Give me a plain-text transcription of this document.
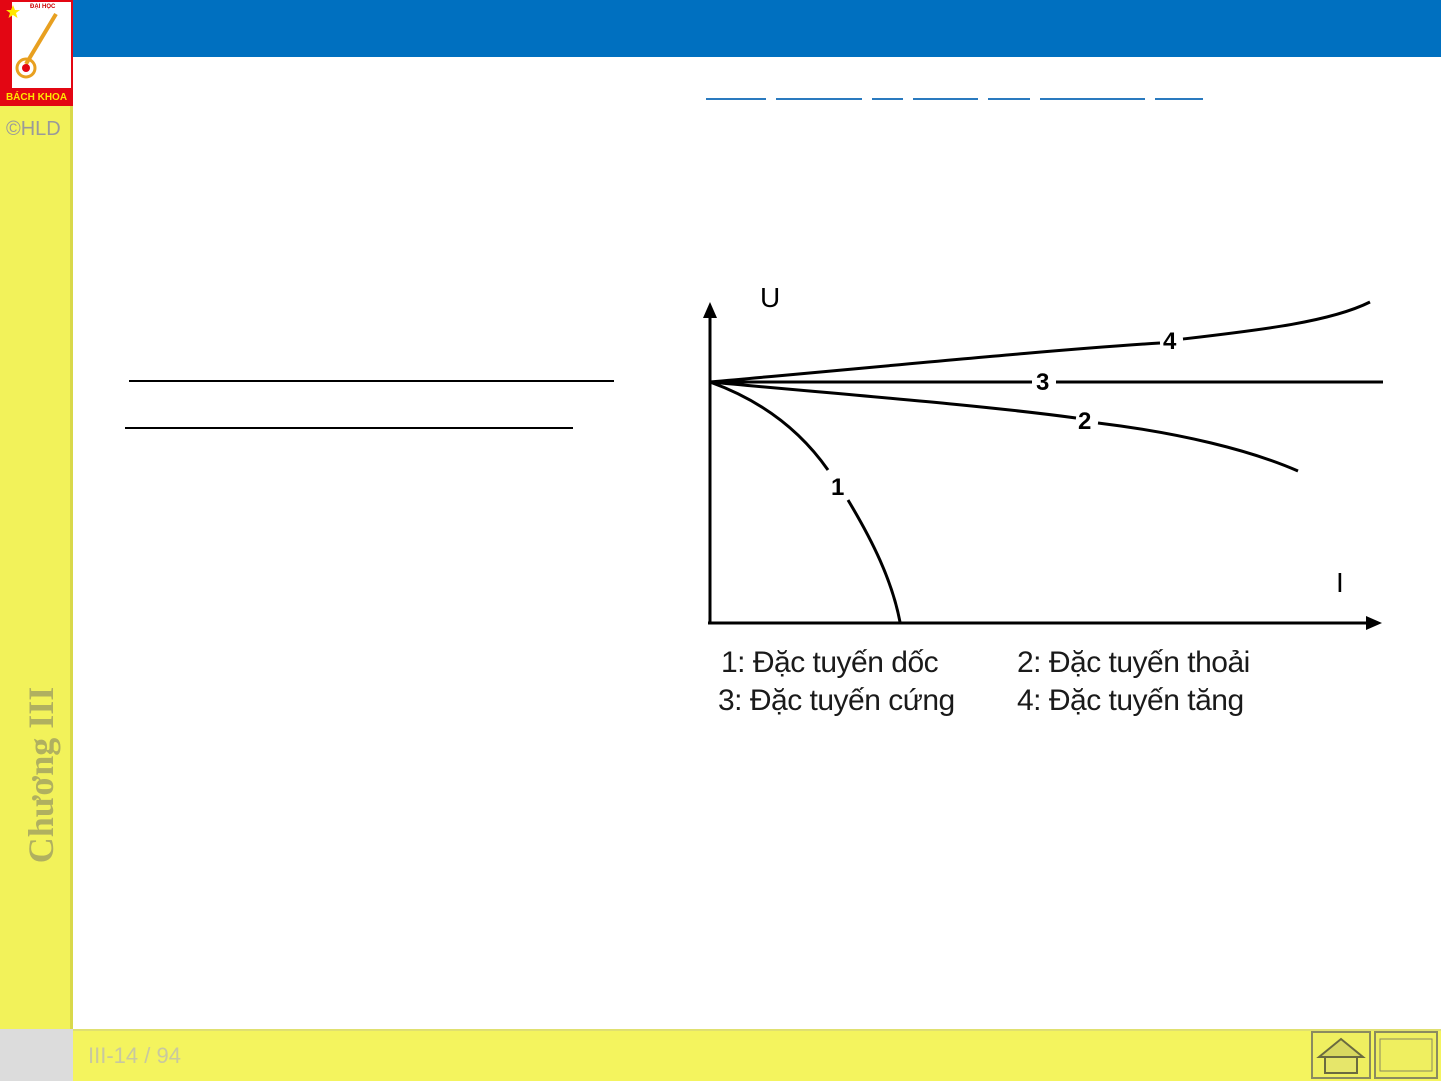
ĐẠI HỌC
BÁCH KHOA
©HLD
Chương III
III-14 / 94
U
I
1
2
3
4
1: Đặc tuyến dốc	2: Đặc tuyến thoải
3: Đặc tuyến cứng 4: Đặc tuyến tăng
